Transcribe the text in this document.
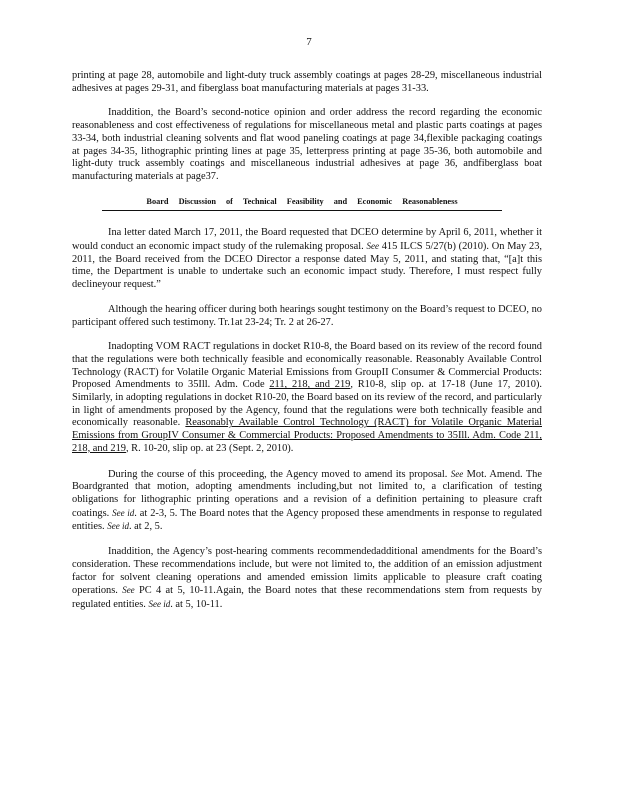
7

printing at page 28, automobile and light-duty truck assembly coatings at pages 28-29, miscellaneous industrial adhesives at pages 29-31, and fiberglass boat manufacturing materials at pages 31-33.

Inaddition, the Board’s second-notice opinion and order address the record regarding the economic reasonableness and cost effectiveness of regulations for miscellaneous metal and plastic parts coatings at pages 33-34, both industrial cleaning solvents and flat wood paneling coatings at page 34,flexible packaging coatings at pages 34-35, lithographic printing lines at page 35, letterpress printing at page 35-36, both automobile and light-duty truck assembly coatings and miscellaneous industrial adhesives at page 36, andfiberglass boat manufacturing materials at page37.

Board Discussion of Technical Feasibility and Economic Reasonableness

Ina letter dated March 17, 2011, the Board requested that DCEO determine by April 6, 2011, whether it would conduct an economic impact study of the rulemaking proposal. See 415 ILCS 5/27(b) (2010). On May 23, 2011, the Board received from the DCEO Director a response dated May 5, 2011, and stating that, “[a]t this time, the Department is unable to undertake such an economic impact study. Therefore, I must respect fully declineyour request.”

Although the hearing officer during both hearings sought testimony on the Board’s request to DCEO, no participant offered such testimony. Tr.1at 23-24; Tr. 2 at 26-27.

Inadopting VOM RACT regulations in docket R10-8, the Board based on its review of the record found that the regulations were both technically feasible and economically reasonable. Reasonably Available Control Technology (RACT) for Volatile Organic Material Emissions from GroupII Consumer & Commercial Products: Proposed Amendments to 35Ill. Adm. Code 211, 218, and 219, R10-8, slip op. at 17-18 (June 17, 2010). Similarly, in adopting regulations in docket R10-20, the Board based on its review of the record, and particularly in light of amendments proposed by the Agency, found that the regulations were both technically feasible and economically reasonable. Reasonably Available Control Technology (RACT) for Volatile Organic Material Emissions from GroupIV Consumer & Commercial Products: Proposed Amendments to 35Ill. Adm. Code 211, 218, and 219, R. 10-20, slip op. at 23 (Sept. 2, 2010).

During the course of this proceeding, the Agency moved to amend its proposal. See Mot. Amend. The Boardgranted that motion, adopting amendments including,but not limited to, a clarification of testing obligations for lithographic printing operations and a revision of a definition pertaining to pleasure craft coatings. See id. at 2-3, 5. The Board notes that the Agency proposed these amendments in response to regulated entities. See id. at 2, 5.

Inaddition, the Agency’s post-hearing comments recommendedadditional amendments for the Board’s consideration. These recommendations include, but were not limited to, the addition of an emission adjustment factor for solvent cleaning operations and amended emission limits applicable to pleasure craft coating operations. See PC 4 at 5, 10-11.Again, the Board notes that these recommendations stem from requests by regulated entities. See id. at 5, 10-11.
